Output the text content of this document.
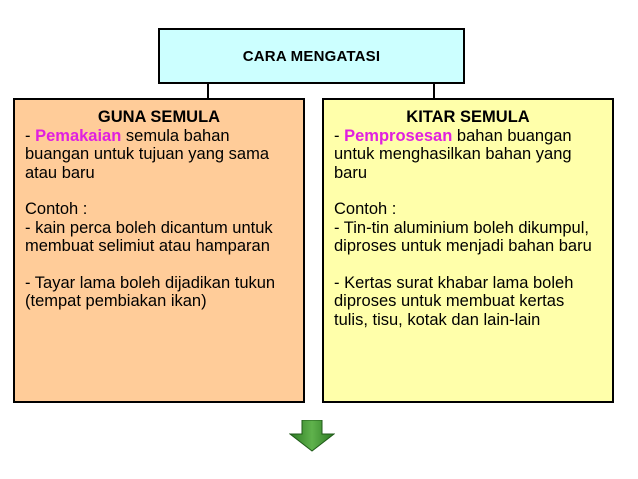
CARA MENGATASI
GUNA SEMULA

- Pemakaian semula bahan buangan untuk tujuan yang sama atau baru

Contoh :

- kain perca boleh dicantum untuk membuat selimiut atau hamparan

- Tayar lama boleh dijadikan tukun (tempat pembiakan ikan)

KITAR SEMULA

- Pemprosesan bahan buangan untuk menghasilkan bahan yang baru

Contoh :

- Tin-tin aluminium boleh dikumpul, diproses untuk menjadi bahan baru

- Kertas surat khabar lama boleh diproses untuk membuat kertas tulis, tisu, kotak dan lain-lain
